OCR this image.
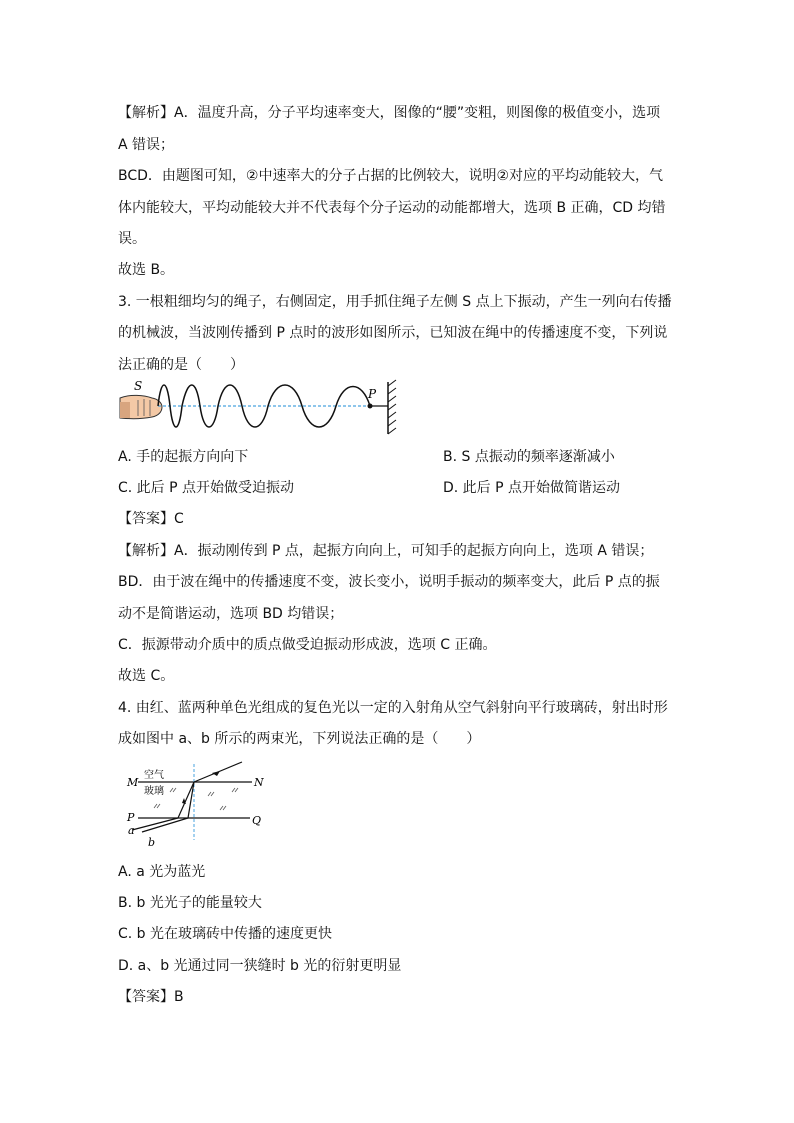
【解析】A．温度升高，分子平均速率变大，图像的“腰”变粗，则图像的极值变小，选项
A 错误；
BCD．由题图可知，②中速率大的分子占据的比例较大，说明②对应的平均动能较大，气
体内能较大，平均动能较大并不代表每个分子运动的动能都增大，选项 B 正确，CD 均错
误。
故选 B。
3. 一根粗细均匀的绳子，右侧固定，用手抓住绳子左侧 S 点上下振动，产生一列向右传播
的机械波，当波刚传播到 P 点时的波形如图所示，已知波在绳中的传播速度不变，下列说
法正确的是（　　）
S
P
A. 手的起振方向向下	B. S 点振动的频率逐渐减小
C. 此后 P 点开始做受迫振动	D. 此后 P 点开始做简谐运动
【答案】C
【解析】A．振动刚传到 P 点，起振方向向上，可知手的起振方向向上，选项 A 错误；
BD．由于波在绳中的传播速度不变，波长变小，说明手振动的频率变大，此后 P 点的振
动不是简谐运动，选项 BD 均错误；
C．振源带动介质中的质点做受迫振动形成波，选项 C 正确。
故选 C。
4. 由红、蓝两种单色光组成的复色光以一定的入射角从空气斜射向平行玻璃砖，射出时形
成如图中 a、b 所示的两束光，下列说法正确的是（　　）
M	N
P	Q
空气
玻璃
a
b
A. a 光为蓝光
B. b 光光子的能量较大
C. b 光在玻璃砖中传播的速度更快
D. a、b 光通过同一狭缝时 b 光的衍射更明显
【答案】B
